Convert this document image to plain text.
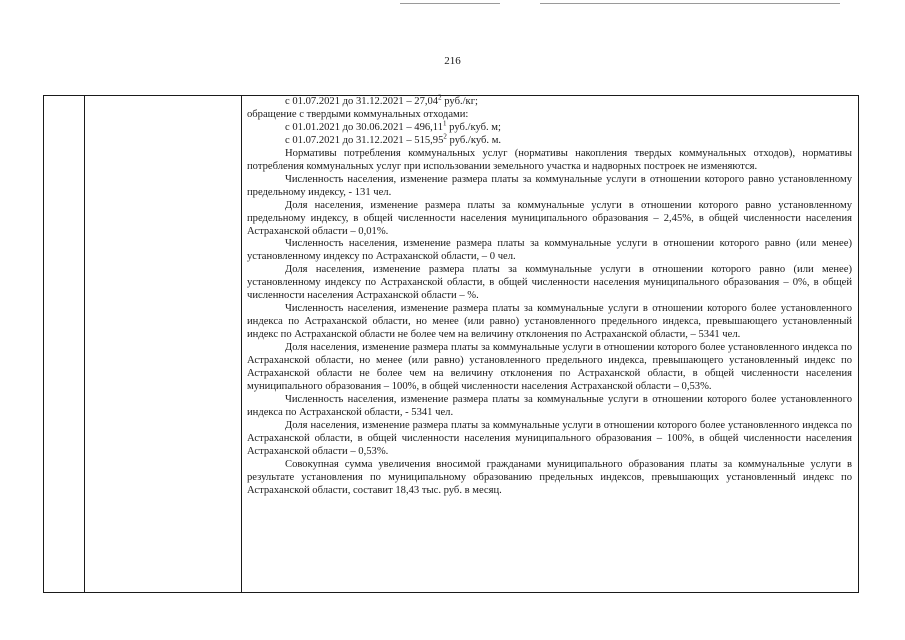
216

с 01.07.2021 до 31.12.2021 – 27,04$^2$ руб./кг;

обращение с твердыми коммунальных отходами:

с 01.01.2021 до 30.06.2021 – 496,11$^1$ руб./куб. м;

с 01.07.2021 до 31.12.2021 – 515,95$^2$ руб./куб. м.

Нормативы потребления коммунальных услуг (нормативы накопления твердых коммунальных отходов), нормативы потребления коммунальных услуг при использовании земельного участка и надворных построек не изменяются.

Численность населения, изменение размера платы за коммунальные услуги в отношении которого равно установленному предельному индексу, - 131 чел.

Доля населения, изменение размера платы за коммунальные услуги в отношении которого равно установленному предельному индексу, в общей численности населения муниципального образования – 2,45%, в общей численности населения Астраханской области – 0,01%.

Численность населения, изменение размера платы за коммунальные услуги в отношении которого равно (или менее) установленному индексу по Астраханской области, – 0 чел.

Доля населения, изменение размера платы за коммунальные услуги в отношении которого равно (или менее) установленному индексу по Астраханской области, в общей численности населения муниципального образования – 0%, в общей численности населения Астраханской области – %.

Численность населения, изменение размера платы за коммунальные услуги в отношении которого более установленного индекса по Астраханской области, но менее (или равно) установленного предельного индекса, превышающего установленный индекс по Астраханской области не более чем на величину отклонения по Астраханской области, – 5341 чел.

Доля населения, изменение размера платы за коммунальные услуги в отношении которого более установленного индекса по Астраханской области, но менее (или равно) установленного предельного индекса, превышающего установленный индекс по Астраханской области не более чем на величину отклонения по Астраханской области, в общей численности населения муниципального образования – 100%, в общей численности населения Астраханской области – 0,53%.

Численность населения, изменение размера платы за коммунальные услуги в отношении которого более установленного индекса по Астраханской области, - 5341 чел.

Доля населения, изменение размера платы за коммунальные услуги в отношении которого более установленного индекса по Астраханской области, в общей численности населения муниципального образования – 100%, в общей численности населения Астраханской области – 0,53%.

Совокупная сумма увеличения вносимой гражданами муниципального образования платы за коммунальные услуги в результате установления по муниципальному образованию предельных индексов, превышающих установленный индекс по Астраханской области, составит 18,43 тыс. руб. в месяц.
